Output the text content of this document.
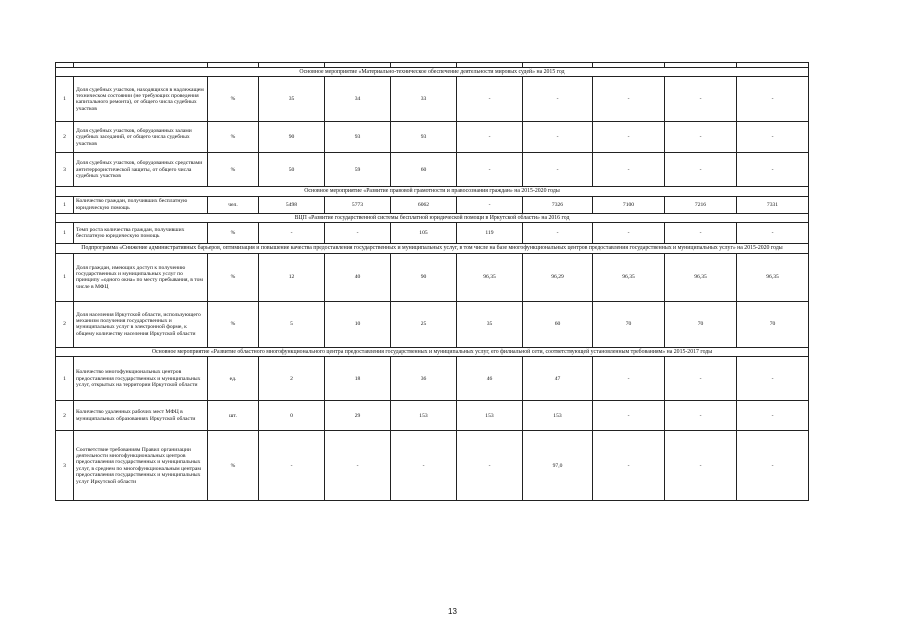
Основное мероприятие «Материально-техническое обеспечение деятельности мировых судей» на 2015 год										
1	Доля судебных участков, находящихся в надлежащем техническом состоянии (не требующих проведения капитального ремонта), от общего числа судебных участков	%	35	34	33	-	-	-	-	-
2	Доля судебных участков, оборудованных залами судебных заседаний, от общего числа судебных участков	%	90	93	93	-	-	-	-	-
3	Доля судебных участков, оборудованных средствами антитеррористической защиты, от общего числа судебных участков	%	50	59	60	-	-	-	-	-
Основное мероприятие «Развитие правовой грамотности и правосознания граждан» на 2015-2020 годы										
1	Количество граждан, получивших бесплатную юридическую помощь	чел.	5498	5773	6062	-	7326	7100	7216	7331
ВЦП «Развитие государственной системы бесплатной юридической помощи в Иркутской области» на 2016 год										
1	Темп роста количества граждан, получивших бесплатную юридическую помощь	%	-	-	105	119	-	-	-	-
Подпрограмма «Снижение административных барьеров, оптимизация и повышение качества предоставления государственных и муниципальных услуг, в том числе на базе многофункциональных центров предоставления государственных и муниципальных услуг» на 2015-2020 годы										
1	Доля граждан, имеющих доступ к получению государственных и муниципальных услуг по принципу «одного окна» по месту пребывания, в том числе в МФЦ	%	12	40	90	96,35	96,29	96,35	96,35	96,35
2	Доля населения Иркутской области, использующего механизм получения государственных и муниципальных услуг в электронной форме, к общему количеству населения Иркутской области	%	5	10	25	35	60	70	70	70
Основное мероприятие «Развитие областного многофункционального центра предоставления государственных и муниципальных услуг, его филиальной сети, соответствующей установленным требованиям» на 2015-2017 годы										
1	Количество многофункциональных центров предоставления государственных и муниципальных услуг, открытых на территории Иркутской области	ед.	2	18	36	46	47	-	-	-
2	Количество удаленных рабочих мест МФЦ в муниципальных образованиях Иркутской области	шт.	0	29	153	153	153	-	-	-
3	Соответствие требованиям Правил организации деятельности многофункциональных центров предоставления государственных и муниципальных услуг, в среднем по многофункциональным центрам предоставления государственных и муниципальных услуг Иркутской области	%	-	-	-	-	97,0	-	-	-
13
